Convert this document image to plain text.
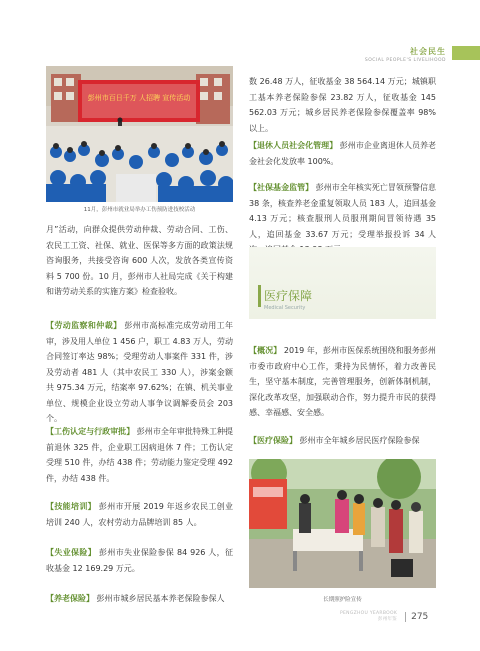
社会民生
SOCIAL PEOPLE'S LIVELIHOOD
彭州市百日千万 人招聘 宣传活动
11月，彭州市就业局举办工伤预防进技校活动

月”活动，向群众提供劳动仲裁、劳动合同、工伤、农民工工资、社保、就业、医保等多方面的政策法规咨询服务，共接受咨询 600 人次，发放各类宣传资料 5 700 份。10 月，彭州市人社局完成《关于构建和谐劳动关系的实施方案》检查验收。

【劳动监察和仲裁】 彭州市高标准完成劳动用工年审，涉及用人单位 1 456 户，职工 4.83 万人，劳动合同签订率达 98%；受理劳动人事案件 331 件，涉及劳动者 481 人（其中农民工 330 人），涉案金额共 975.34 万元，结案率 97.62%；在镇、机关事业单位、规模企业设立劳动人事争议调解委员会 203 个。

【工伤认定与行政审批】 彭州市全年审批特殊工种提前退休 325 件，企业职工因病退休 7 件；工伤认定受理 510 件，办结 438 件；劳动能力鉴定受理 492 件，办结 438 件。

【技能培训】 彭州市开展 2019 年返乡农民工创业培训 240 人，农村劳动力品牌培训 85 人。

【失业保险】 彭州市失业保险参保 84 926 人，征收基金 12 169.29 万元。

【养老保险】 彭州市城乡居民基本养老保险参保人

数 26.48 万人，征收基金 38 564.14 万元；城镇职工基本养老保险参保 23.82 万人，征收基金 145 562.03 万元；城乡居民养老保险参保覆盖率 98% 以上。

【退休人员社会化管理】 彭州市企业离退休人员养老金社会化发放率 100%。

【社保基金监管】 彭州市全年核实死亡冒领预警信息 38 条，核查养老金重复领取人员 183 人，追回基金 4.13 万元；核查服刑人员服刑期间冒领待遇 35 人，追回基金 33.67 万元；受理举报投诉 34 人

医疗保障
Medical Security

【概况】 2019 年，彭州市医保系统围绕和服务彭州市委市政府中心工作，秉持为民情怀，着力改善民生，坚守基本制度，完善管理服务，创新体制机制，深化改革攻坚，加强联动合作，努力提升市民的获得感、幸福感、安全感。

【医疗保险】 彭州市全年城乡居民医疗保险参保

长期照护险宣传
PENGZHOU YEARBOOK
彭州年鉴 275
